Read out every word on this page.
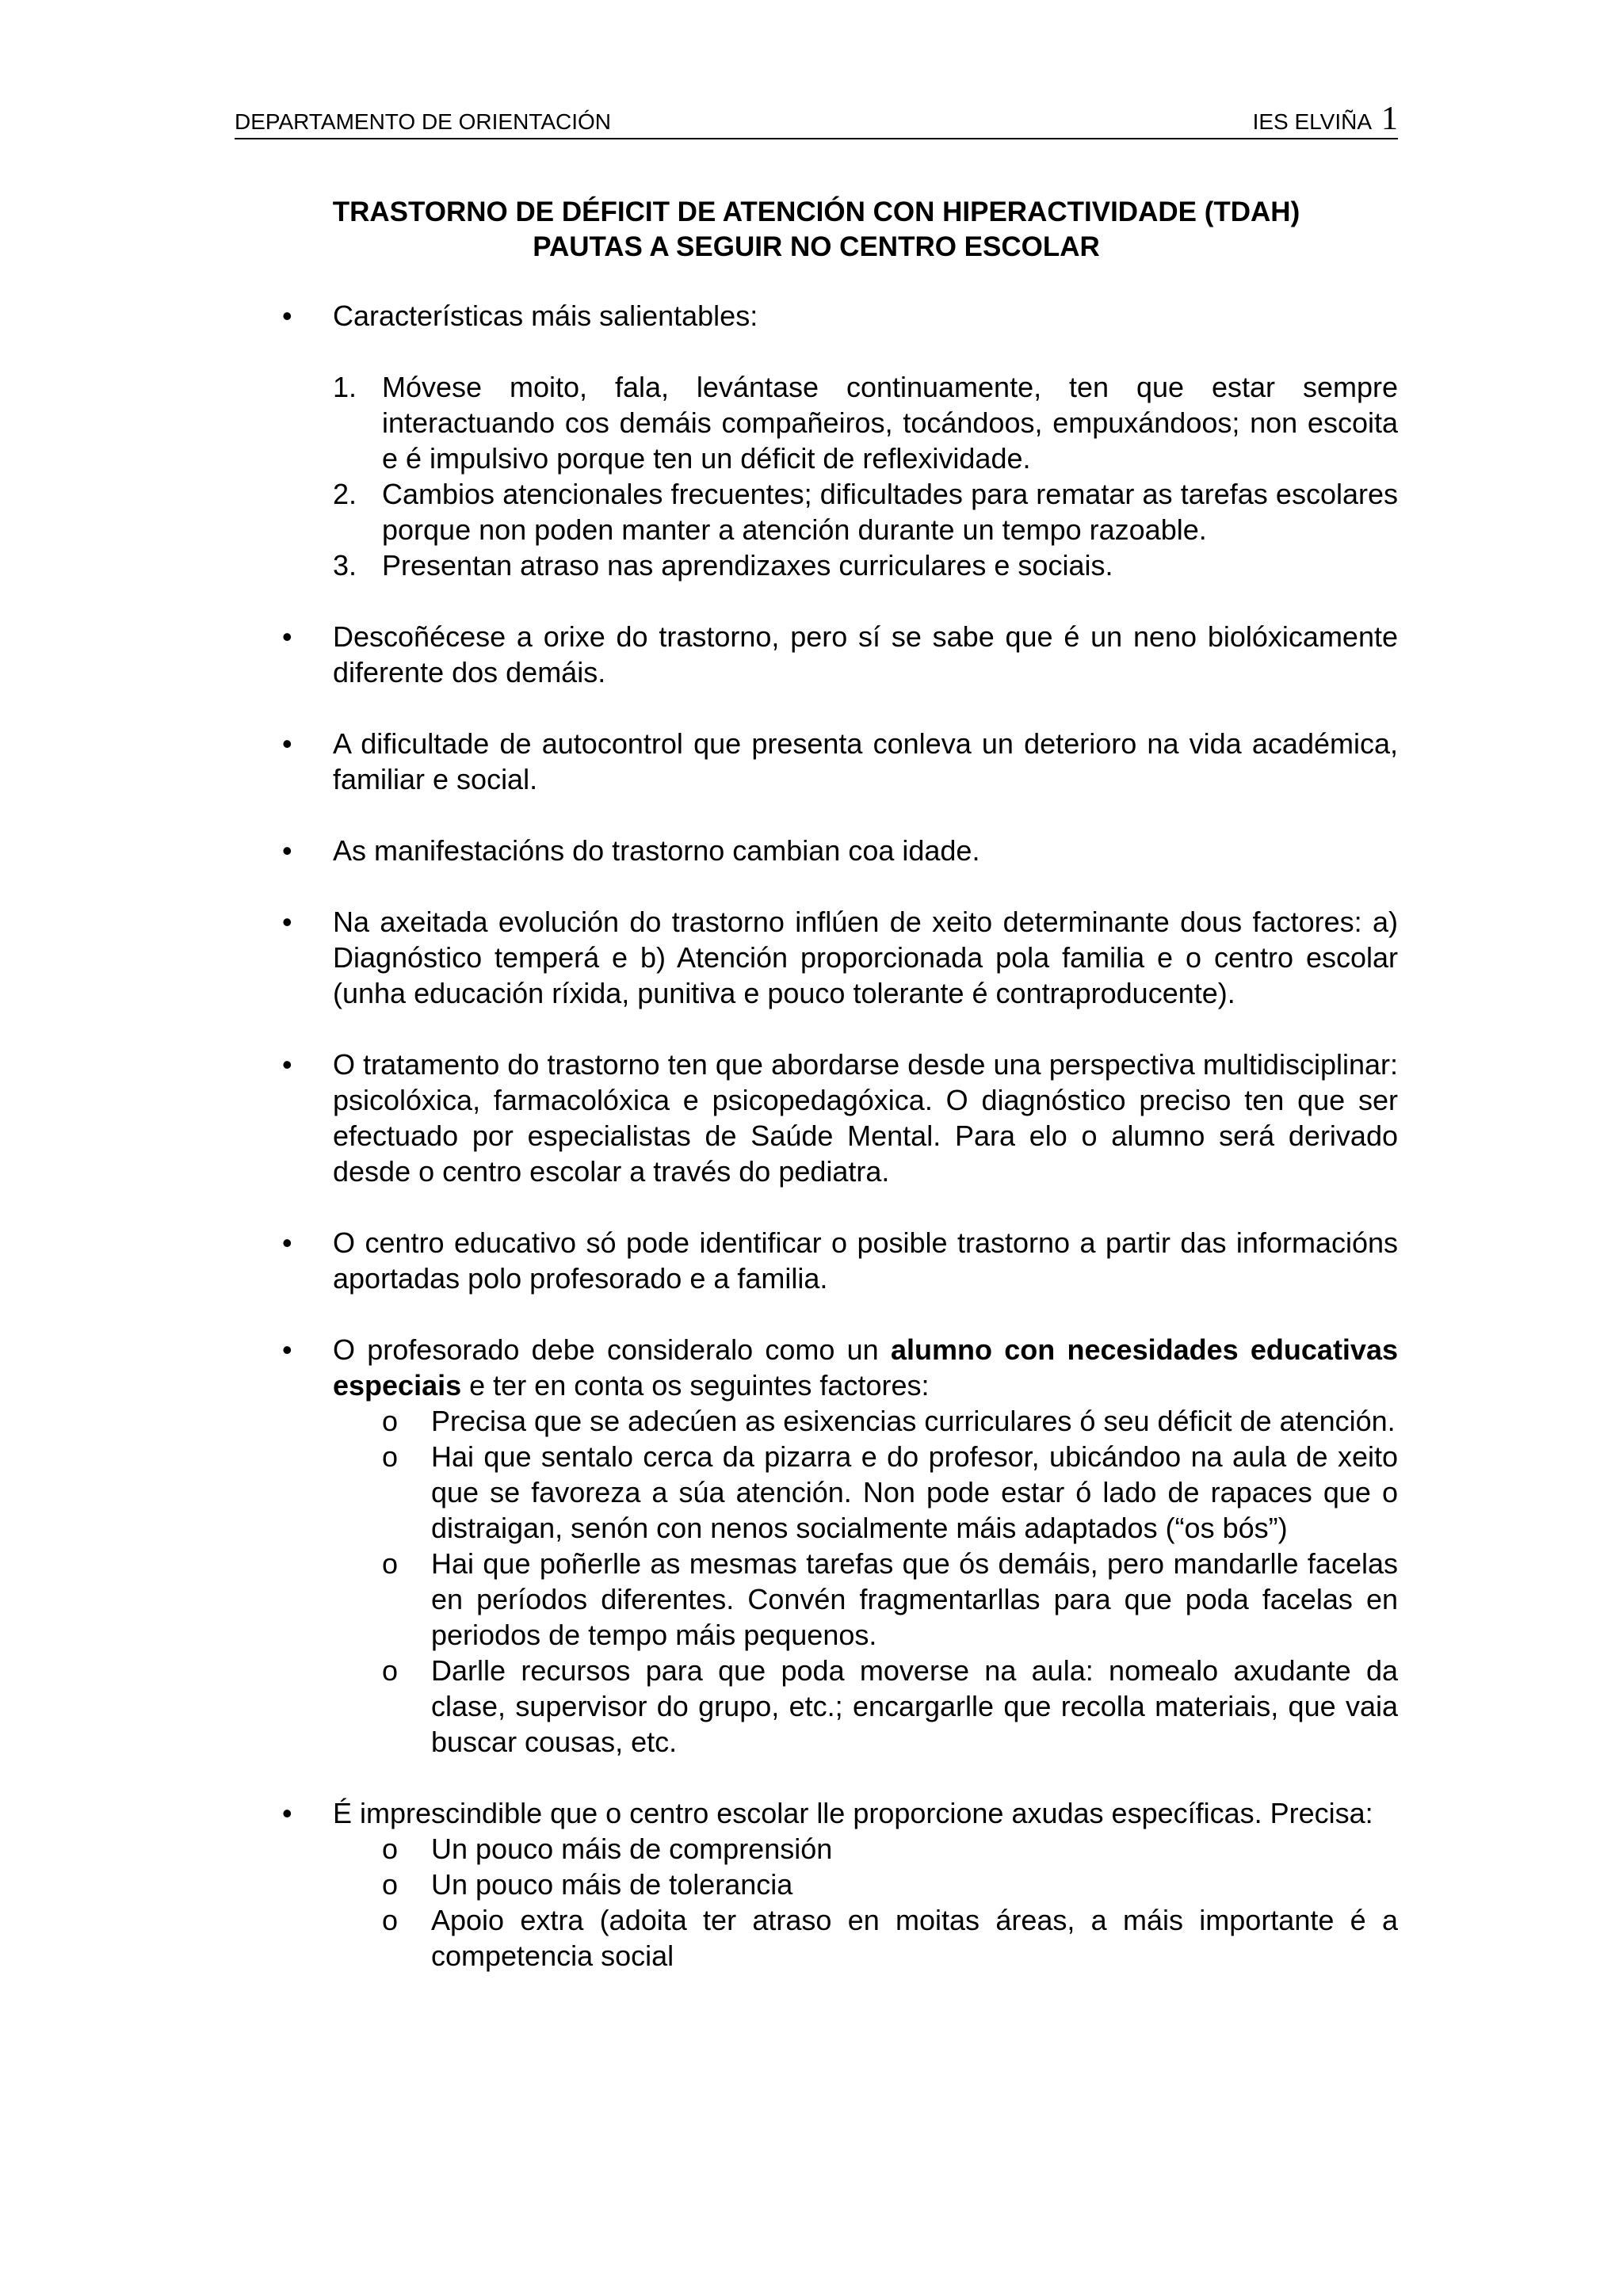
DEPARTAMENTO DE ORIENTACIÓN	IES ELVIÑA 1
TRASTORNO DE DÉFICIT DE ATENCIÓN CON HIPERACTIVIDADE (TDAH)
PAUTAS A SEGUIR NO CENTRO ESCOLAR
• Características máis salientables:
1. Móvese moito, fala, levántase continuamente, ten que estar sempre interactuando cos demáis compañeiros, tocándoos, empuxándoos; non escoita e é impulsivo porque ten un déficit de reflexividade.
2. Cambios atencionales frecuentes; dificultades para rematar as tarefas escolares porque non poden manter a atención durante un tempo razoable.
3. Presentan atraso nas aprendizaxes curriculares e sociais.
• Descoñécese a orixe do trastorno, pero sí se sabe que é un neno biolóxicamente diferente dos demáis.
• A dificultade de autocontrol que presenta conleva un deterioro na vida académica, familiar e social.
• As manifestacións do trastorno cambian coa idade.
• Na axeitada evolución do trastorno inflúen de xeito determinante dous factores: a) Diagnóstico temperá e b) Atención proporcionada pola familia e o centro escolar (unha educación ríxida, punitiva e pouco tolerante é contraproducente).
• O tratamento do trastorno ten que abordarse desde una perspectiva multidisciplinar: psicolóxica, farmacolóxica e psicopedagóxica. O diagnóstico preciso ten que ser efectuado por especialistas de Saúde Mental. Para elo o alumno será derivado desde o centro escolar a través do pediatra.
• O centro educativo só pode identificar o posible trastorno a partir das informacións aportadas polo profesorado e a familia.
• O profesorado debe consideralo como un alumno con necesidades educativas especiais e ter en conta os seguintes factores:
o Precisa que se adecúen as esixencias curriculares ó seu déficit de atención.
o Hai que sentalo cerca da pizarra e do profesor, ubicándoo na aula de xeito que se favoreza a súa atención. Non pode estar ó lado de rapaces que o distraigan, senón con nenos socialmente máis adaptados (“os bós”)
o Hai que poñerlle as mesmas tarefas que ós demáis, pero mandarlle facelas en períodos diferentes. Convén fragmentarllas para que poda facelas en periodos de tempo máis pequenos.
o Darlle recursos para que poda moverse na aula: nomealo axudante da clase, supervisor do grupo, etc.; encargarlle que recolla materiais, que vaia buscar cousas, etc.
• É imprescindible que o centro escolar lle proporcione axudas específicas. Precisa:
o Un pouco máis de comprensión
o Un pouco máis de tolerancia
o Apoio extra (adoita ter atraso en moitas áreas, a máis importante é a competencia social
